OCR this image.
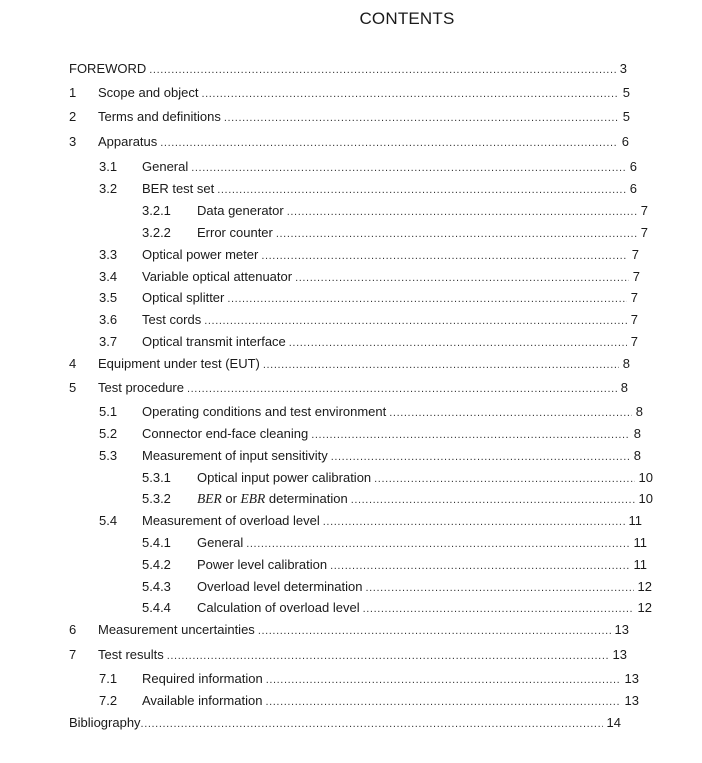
CONTENTS
FOREWORD .....	3
1	Scope and object .....	5
2	Terms and definitions .....	5
3	Apparatus .....	6
3.1	General .....	6
3.2	BER test set .....	6
3.2.1	Data generator .....	7
3.2.2	Error counter .....	7
3.3	Optical power meter .....	7
3.4	Variable optical attenuator .....	7
3.5	Optical splitter .....	7
3.6	Test cords .....	7
3.7	Optical transmit interface .....	7
4	Equipment under test (EUT) .....	8
5	Test procedure .....	8
5.1	Operating conditions and test environment .....	8
5.2	Connector end-face cleaning .....	8
5.3	Measurement of input sensitivity .....	8
5.3.1	Optical input power calibration .....	10
5.3.2	BER or EBR determination .....	10
5.4	Measurement of overload level .....	11
5.4.1	General .....	11
5.4.2	Power level calibration .....	11
5.4.3	Overload level determination .....	12
5.4.4	Calculation of overload level .....	12
6	Measurement uncertainties .....	13
7	Test results .....	13
7.1	Required information .....	13
7.2	Available information .....	13
Bibliography .....	14
